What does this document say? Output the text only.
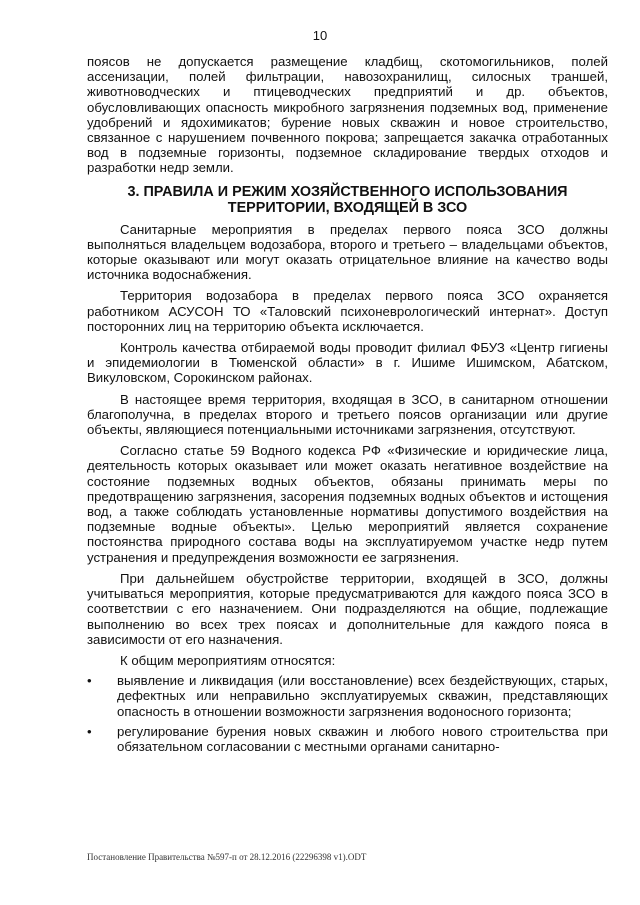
10

поясов не допускается размещение кладбищ, скотомогильников, полей ассенизации, полей фильтрации, навозохранилищ, силосных траншей, животноводческих и птицеводческих предприятий и др. объектов, обусловливающих опасность микробного загрязнения подземных вод, применение удобрений и ядохимикатов; бурение новых скважин и новое строительство, связанное с нарушением почвенного покрова; запрещается закачка отработанных вод в подземные горизонты, подземное складирование твердых отходов и разработки недр земли.

3. ПРАВИЛА И РЕЖИМ ХОЗЯЙСТВЕННОГО ИСПОЛЬЗОВАНИЯ ТЕРРИТОРИИ, ВХОДЯЩЕЙ В ЗСО

Санитарные мероприятия в пределах первого пояса ЗСО должны выполняться владельцем водозабора, второго и третьего – владельцами объектов, которые оказывают или могут оказать отрицательное влияние на качество воды источника водоснабжения.

Территория водозабора в пределах первого пояса ЗСО охраняется работником АСУСОН ТО «Таловский психоневрологический интернат». Доступ посторонних лиц на территорию объекта исключается.

Контроль качества отбираемой воды проводит филиал ФБУЗ «Центр гигиены и эпидемиологии в Тюменской области» в г. Ишиме Ишимском, Абатском, Викуловском, Сорокинском районах.

В настоящее время территория, входящая в ЗСО, в санитарном отношении благополучна, в пределах второго и третьего поясов организации или другие объекты, являющиеся потенциальными источниками загрязнения, отсутствуют.

Согласно статье 59 Водного кодекса РФ «Физические и юридические лица, деятельность которых оказывает или может оказать негативное воздействие на состояние подземных водных объектов, обязаны принимать меры по предотвращению загрязнения, засорения подземных водных объектов и истощения вод, а также соблюдать установленные нормативы допустимого воздействия на подземные водные объекты». Целью мероприятий является сохранение постоянства природного состава воды на эксплуатируемом участке недр путем устранения и предупреждения возможности ее загрязнения.

При дальнейшем обустройстве территории, входящей в ЗСО, должны учитываться мероприятия, которые предусматриваются для каждого пояса ЗСО в соответствии с его назначением. Они подразделяются на общие, подлежащие выполнению во всех трех поясах и дополнительные для каждого пояса в зависимости от его назначения.

К общим мероприятиям относятся:

•	выявление и ликвидация (или восстановление) всех бездействующих, старых, дефектных или неправильно эксплуатируемых скважин, представляющих опасность в отношении возможности загрязнения водоносного горизонта;
•	регулирование бурения новых скважин и любого нового строительства при обязательном согласовании с местными органами санитарно-
Постановление Правительства №597-п от 28.12.2016 (22296398 v1).ODT
